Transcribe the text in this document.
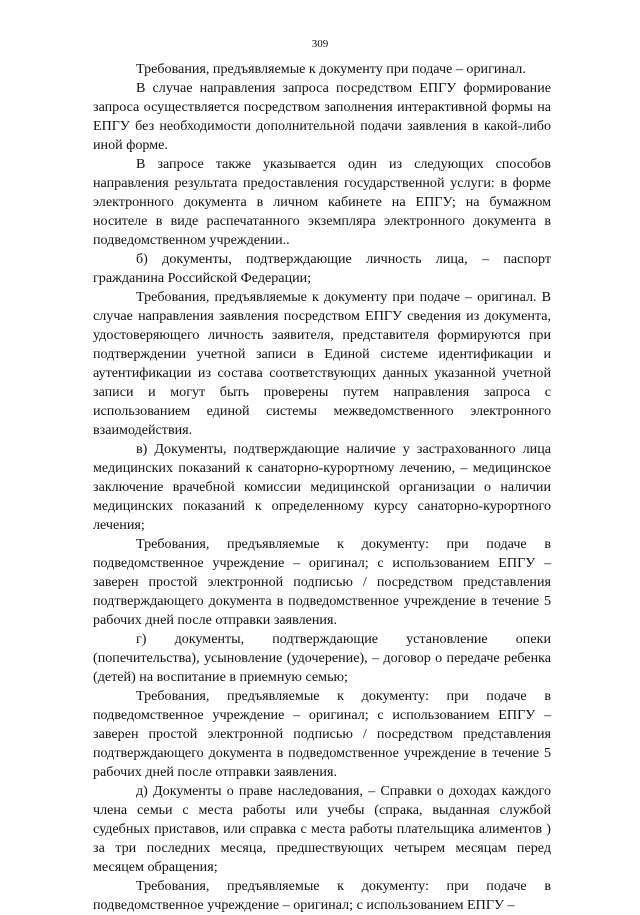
309

Требования, предъявляемые к документу при подаче – оригинал.

В случае направления запроса посредством ЕПГУ формирование запроса осуществляется посредством заполнения интерактивной формы на ЕПГУ без необходимости дополнительной подачи заявления в какой-либо иной форме.

В запросе также указывается один из следующих способов направления результата предоставления государственной услуги: в форме электронного документа в личном кабинете на ЕПГУ; на бумажном носителе в виде распечатанного экземпляра электронного документа в подведомственном учреждении..

б) документы, подтверждающие личность лица, – паспорт гражданина Российской Федерации;

Требования, предъявляемые к документу при подаче – оригинал. В случае направления заявления посредством ЕПГУ сведения из документа, удостоверяющего личность заявителя, представителя формируются при подтверждении учетной записи в Единой системе идентификации и аутентификации из состава соответствующих данных указанной учетной записи и могут быть проверены путем направления запроса с использованием единой системы межведомственного электронного взаимодействия.

в) Документы, подтверждающие наличие у застрахованного лица медицинских показаний к санаторно-курортному лечению, – медицинское заключение врачебной комиссии медицинской организации о наличии медицинских показаний к определенному курсу санаторно-курортного лечения;

Требования, предъявляемые к документу: при подаче в подведомственное учреждение – оригинал; с использованием ЕПГУ – заверен простой электронной подписью / посредством представления подтверждающего документа в подведомственное учреждение в течение 5 рабочих дней после отправки заявления.

г) документы, подтверждающие установление опеки (попечительства), усыновление (удочерение), – договор о передаче ребенка (детей) на воспитание в приемную семью;

Требования, предъявляемые к документу: при подаче в подведомственное учреждение – оригинал; с использованием ЕПГУ – заверен простой электронной подписью / посредством представления подтверждающего документа в подведомственное учреждение в течение 5 рабочих дней после отправки заявления.

д) Документы о праве наследования, – Справки о доходах каждого члена семьи с места работы или учебы (спрака, выданная службой судебных приставов, или справка с места работы плательщика алиментов ) за три последних месяца, предшествующих четырем месяцам перед месяцем обращения;

Требования, предъявляемые к документу: при подаче в подведомственное учреждение – оригинал; с использованием ЕПГУ –
